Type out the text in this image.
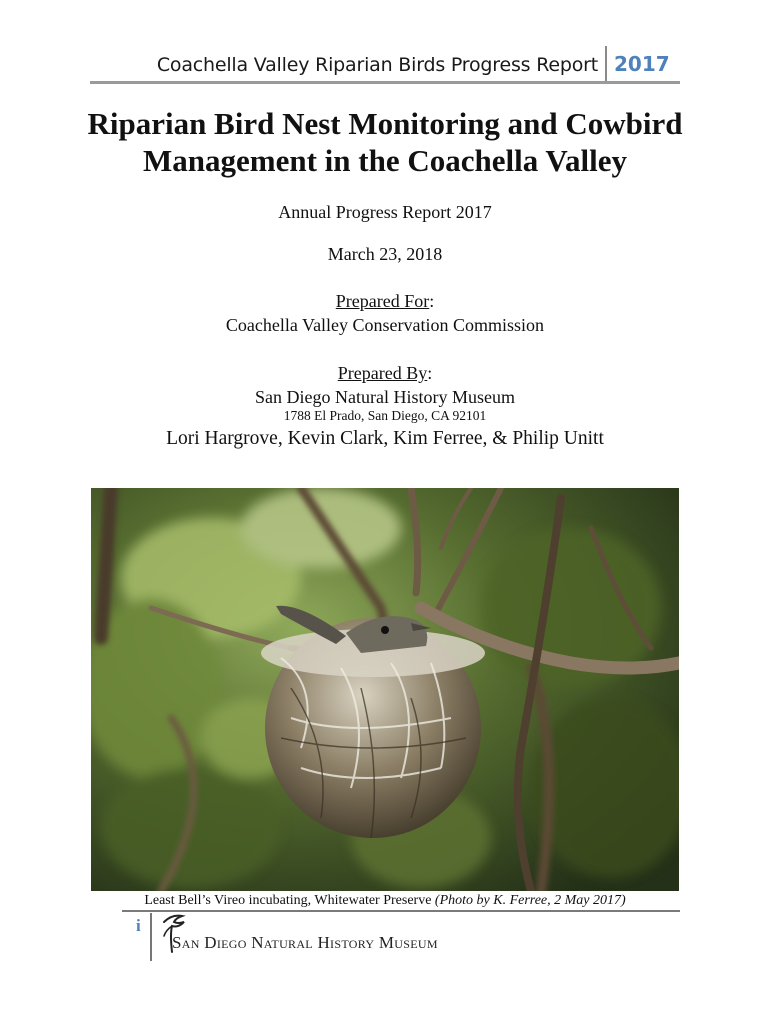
Coachella Valley Riparian Birds Progress Report 2017
Riparian Bird Nest Monitoring and Cowbird
Management in the Coachella Valley
Annual Progress Report 2017
March 23, 2018
Prepared For:
Coachella Valley Conservation Commission
Prepared By:
San Diego Natural History Museum
1788 El Prado, San Diego, CA 92101
Lori Hargrove, Kevin Clark, Kim Ferree, & Philip Unitt
Least Bell’s Vireo incubating, Whitewater Preserve (Photo by K. Ferree, 2 May 2017)
i
San Diego Natural History Museum
